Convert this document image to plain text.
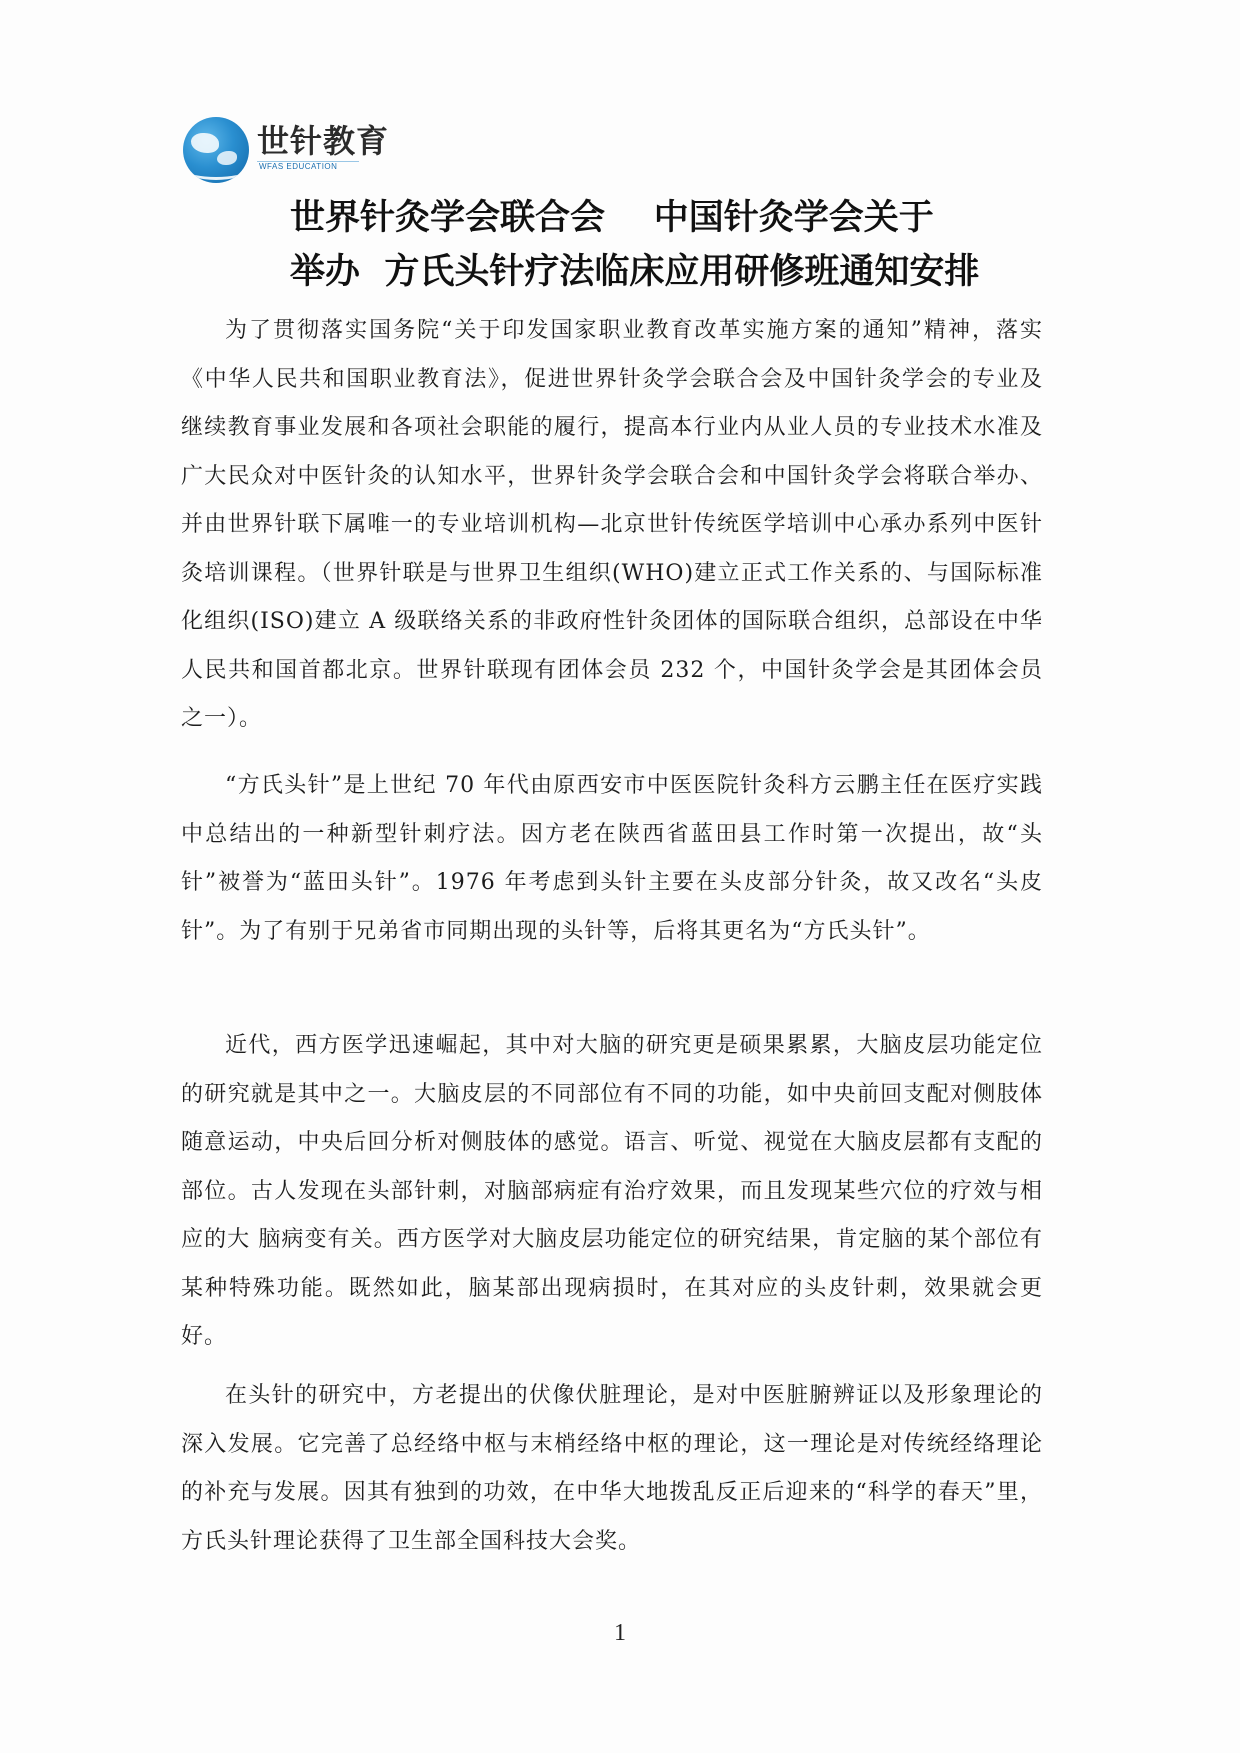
世针教育
WFAS EDUCATION
世界针灸学会联合会    中国针灸学会关于
举办  方氏头针疗法临床应用研修班通知安排
为了贯彻落实国务院“关于印发国家职业教育改革实施方案的通知”精神，落实《中华人民共和国职业教育法》，促进世界针灸学会联合会及中国针灸学会的专业及继续教育事业发展和各项社会职能的履行，提高本行业内从业人员的专业技术水准及广大民众对中医针灸的认知水平，世界针灸学会联合会和中国针灸学会将联合举办、并由世界针联下属唯一的专业培训机构—北京世针传统医学培训中心承办系列中医针灸培训课程。（世界针联是与世界卫生组织(WHO)建立正式工作关系的、与国际标准化组织(ISO)建立 A 级联络关系的非政府性针灸团体的国际联合组织，总部设在中华人民共和国首都北京。世界针联现有团体会员 232 个，中国针灸学会是其团体会员之一）。
“方氏头针”是上世纪 70 年代由原西安市中医医院针灸科方云鹏主任在医疗实践中总结出的一种新型针刺疗法。因方老在陕西省蓝田县工作时第一次提出，故“头针”被誉为“蓝田头针”。1976 年考虑到头针主要在头皮部分针灸，故又改名“头皮针”。为了有别于兄弟省市同期出现的头针等，后将其更名为“方氏头针”。
近代，西方医学迅速崛起，其中对大脑的研究更是硕果累累，大脑皮层功能定位的研究就是其中之一。大脑皮层的不同部位有不同的功能，如中央前回支配对侧肢体随意运动，中央后回分析对侧肢体的感觉。语言、听觉、视觉在大脑皮层都有支配的部位。古人发现在头部针刺，对脑部病症有治疗效果，而且发现某些穴位的疗效与相应的大 脑病变有关。西方医学对大脑皮层功能定位的研究结果，肯定脑的某个部位有某种特殊功能。既然如此，脑某部出现病损时，在其对应的头皮针刺，效果就会更好。
在头针的研究中，方老提出的伏像伏脏理论，是对中医脏腑辨证以及形象理论的深入发展。它完善了总经络中枢与末梢经络中枢的理论，这一理论是对传统经络理论的补充与发展。因其有独到的功效，在中华大地拨乱反正后迎来的“科学的春天”里，方氏头针理论获得了卫生部全国科技大会奖。
1
